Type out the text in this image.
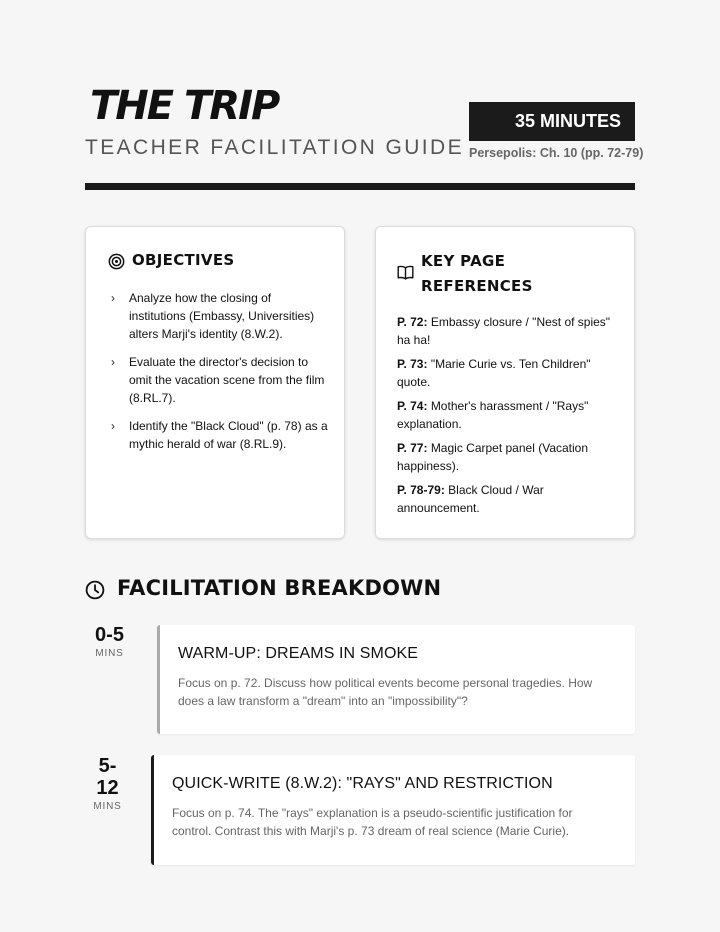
THE TRIP
TEACHER FACILITATION GUIDE
35 MINUTES
Persepolis: Ch. 10 (pp. 72-79)
OBJECTIVES
› Analyze how the closing of institutions (Embassy, Universities) alters Marji's identity (8.W.2).
› Evaluate the director's decision to omit the vacation scene from the film (8.RL.7).
› Identify the "Black Cloud" (p. 78) as a mythic herald of war (8.RL.9).
KEY PAGE REFERENCES
P. 72: Embassy closure / "Nest of spies" ha ha!
P. 73: "Marie Curie vs. Ten Children" quote.
P. 74: Mother's harassment / "Rays" explanation.
P. 77: Magic Carpet panel (Vacation happiness).
P. 78-79: Black Cloud / War announcement.
FACILITATION BREAKDOWN
0-5
MINS	WARM-UP: DREAMS IN SMOKE
Focus on p. 72. Discuss how political events become personal tragedies. How does a law transform a "dream" into an "impossibility"?
5-
12
MINS
QUICK-WRITE (8.W.2): "RAYS" AND RESTRICTION
Focus on p. 74. The "rays" explanation is a pseudo-scientific justification for control. Contrast this with Marji's p. 73 dream of real science (Marie Curie).
